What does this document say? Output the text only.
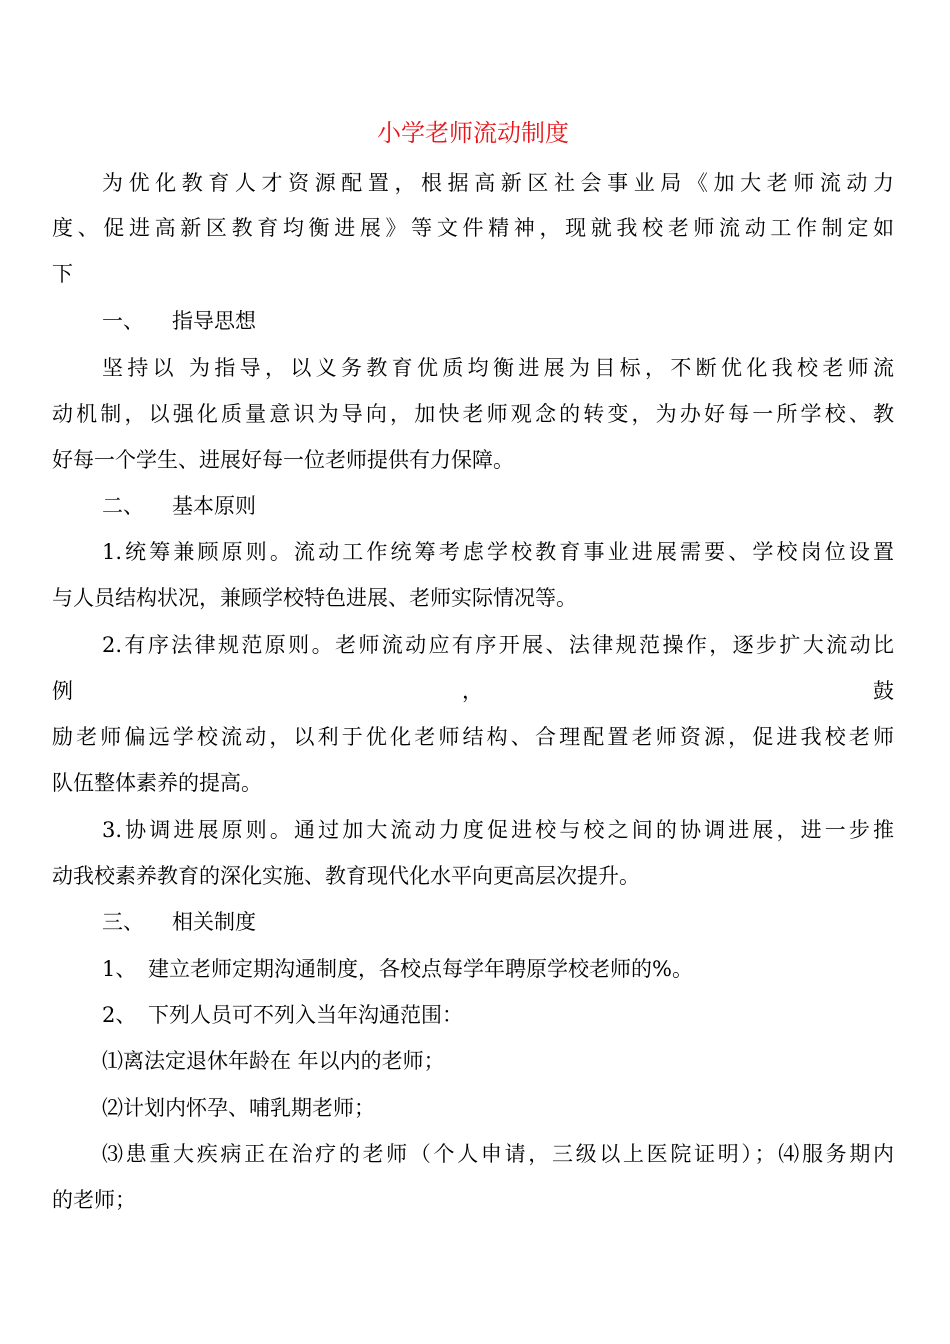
小学老师流动制度
为优化教育人才资源配置，根据高新区社会事业局《加大老师流动力
度、促进高新区教育均衡进展》等文件精神，现就我校老师流动工作制定如
下
一、 指导思想
坚持以 为指导，以义务教育优质均衡进展为目标，不断优化我校老师流
动机制，以强化质量意识为导向，加快老师观念的转变，为办好每一所学校、教
好每一个学生、进展好每一位老师提供有力保障。
二、 基本原则
1.统筹兼顾原则。流动工作统筹考虑学校教育事业进展需要、学校岗位设置
与人员结构状况，兼顾学校特色进展、老师实际情况等。
2.有序法律规范原则。老师流动应有序开展、法律规范操作，逐步扩大流动比
例	，	鼓
励老师偏远学校流动，以利于优化老师结构、合理配置老师资源，促进我校老师
队伍整体素养的提高。
3.协调进展原则。通过加大流动力度促进校与校之间的协调进展，进一步推
动我校素养教育的深化实施、教育现代化水平向更高层次提升。
三、 相关制度
1、 建立老师定期沟通制度，各校点每学年聘原学校老师的%。
2、 下列人员可不列入当年沟通范围：
⑴离法定退休年龄在 年以内的老师；
⑵计划内怀孕、哺乳期老师；
⑶患重大疾病正在治疗的老师（个人申请，三级以上医院证明）；⑷服务期内
的老师；
